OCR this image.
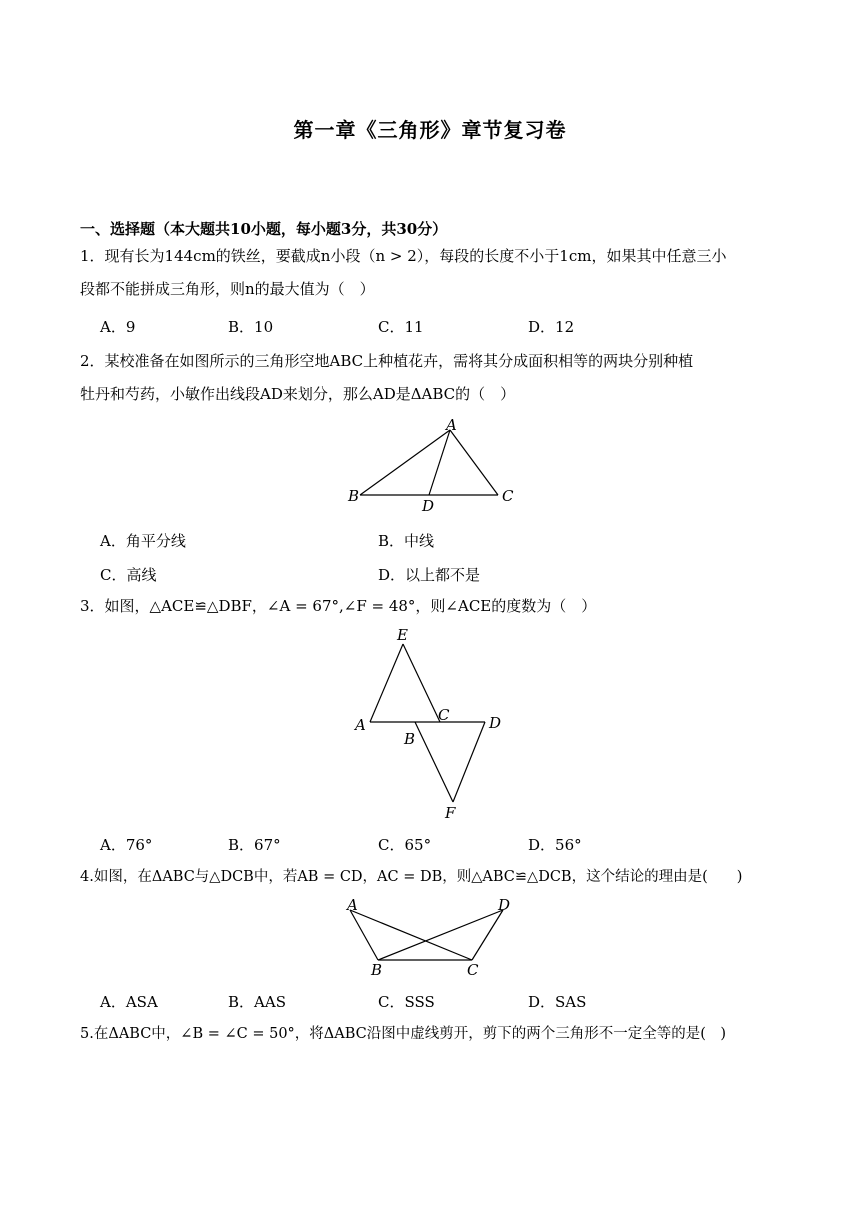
第一章《三角形》章节复习卷
一、选择题（本大题共10小题，每小题3分，共30分）
1．现有长为144cm的铁丝，要截成n小段（n > 2），每段的长度不小于1cm，如果其中任意三小
段都不能拼成三角形，则n的最大值为（　）
A．9	B．10	C．11	D．12
2．某校准备在如图所示的三角形空地ABC上种植花卉，需将其分成面积相等的两块分别种植
牡丹和芍药，小敏作出线段AD来划分，那么AD是ΔABC的（　）
A
B
D
C
A．角平分线	B．中线
C．高线	D．以上都不是
3．如图，△ACE≌△DBF，∠A = 67°,∠F = 48°，则∠ACE的度数为（　）
E
A
B
C	D
F
A．76°	B．67°	C．65°	D．56°
4.如图，在ΔABC与△DCB中，若AB = CD，AC = DB，则△ABC≌△DCB，这个结论的理由是(　　)
A	D
B	C
A．ASA	B．AAS	C．SSS	D．SAS
5.在ΔABC中，∠B = ∠C = 50°，将ΔABC沿图中虚线剪开，剪下的两个三角形不一定全等的是(　)
